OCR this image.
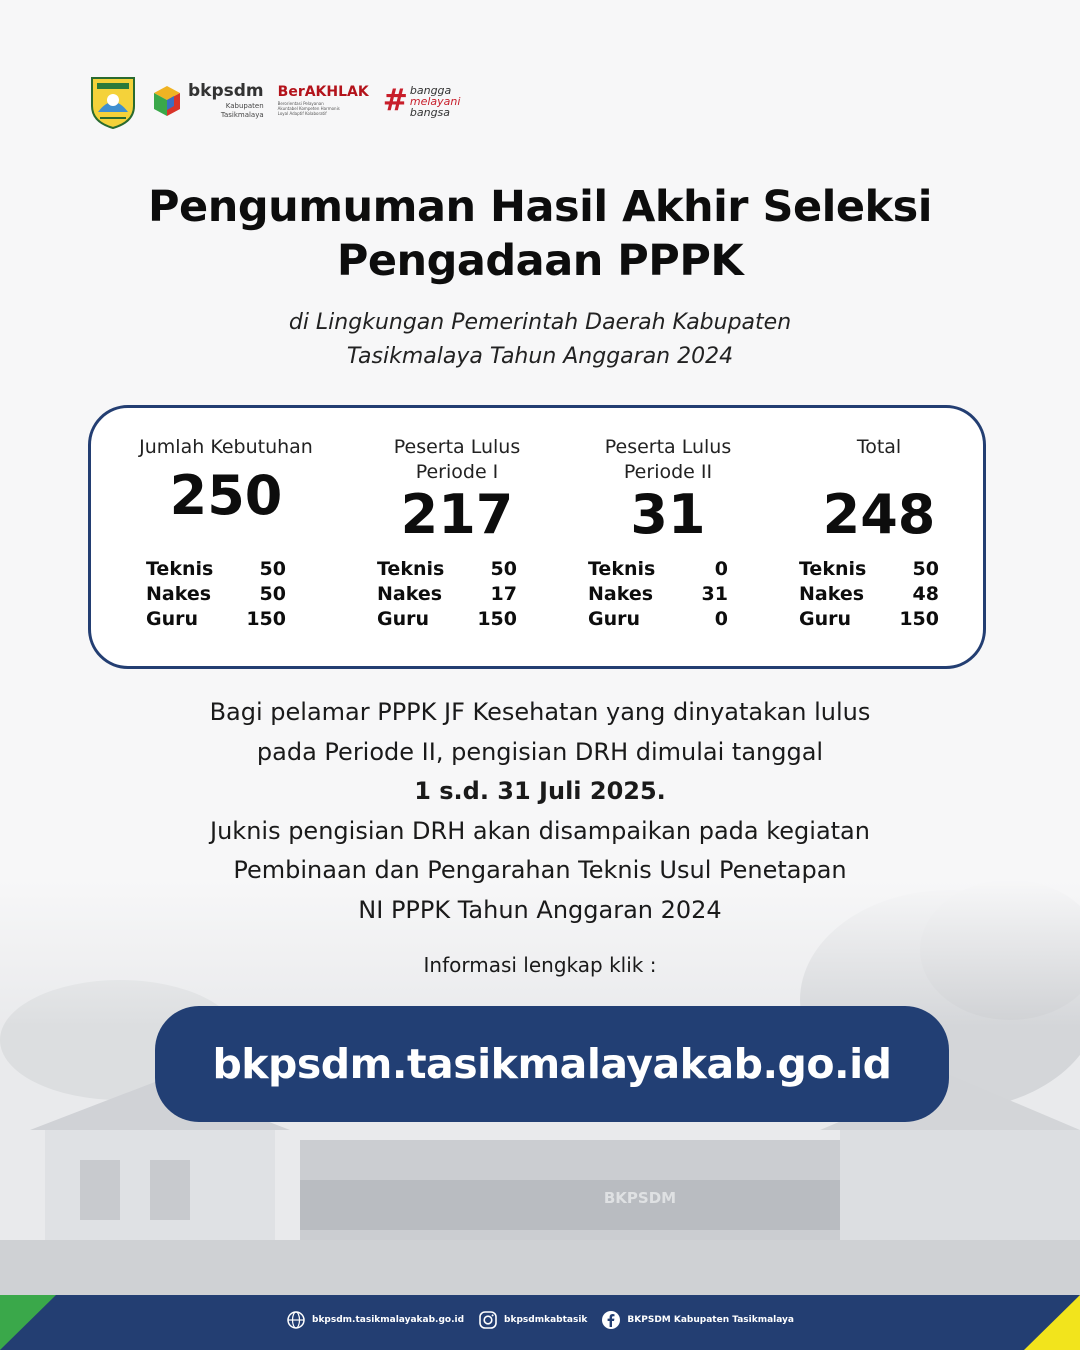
bkpsdm
Kabupaten
Tasikmalaya
BerAKHLAK
Berorientasi Pelayanan Akuntabel Kompeten Harmonis Loyal Adaptif Kolaboratif	# bangga
melayani
bangsa
Pengumuman Hasil Akhir Seleksi
Pengadaan PPPK

di Lingkungan Pemerintah Daerah Kabupaten
Tasikmalaya Tahun Anggaran 2024

Jumlah Kebutuhan
250
Teknis 50
Nakes	50
Guru	150
Peserta Lulus
Periode I
217
Teknis 50
Nakes	17
Guru	150
Peserta Lulus
Periode II
31
Teknis	0
Nakes	31
Guru	0
Total
248
Teknis 50
Nakes	48
Guru	150
Bagi pelamar PPPK JF Kesehatan yang dinyatakan lulus
pada Periode II, pengisian DRH dimulai tanggal
1 s.d. 31 Juli 2025.
Juknis pengisian DRH akan disampaikan pada kegiatan
Pembinaan dan Pengarahan Teknis Usul Penetapan
NI PPPK Tahun Anggaran 2024
Informasi lengkap klik :
bkpsdm.tasikmalayakab.go.id
bkpsdm.tasikmalayakab.go.id	bkpsdmkabtasik	BKPSDM Kabupaten Tasikmalaya
